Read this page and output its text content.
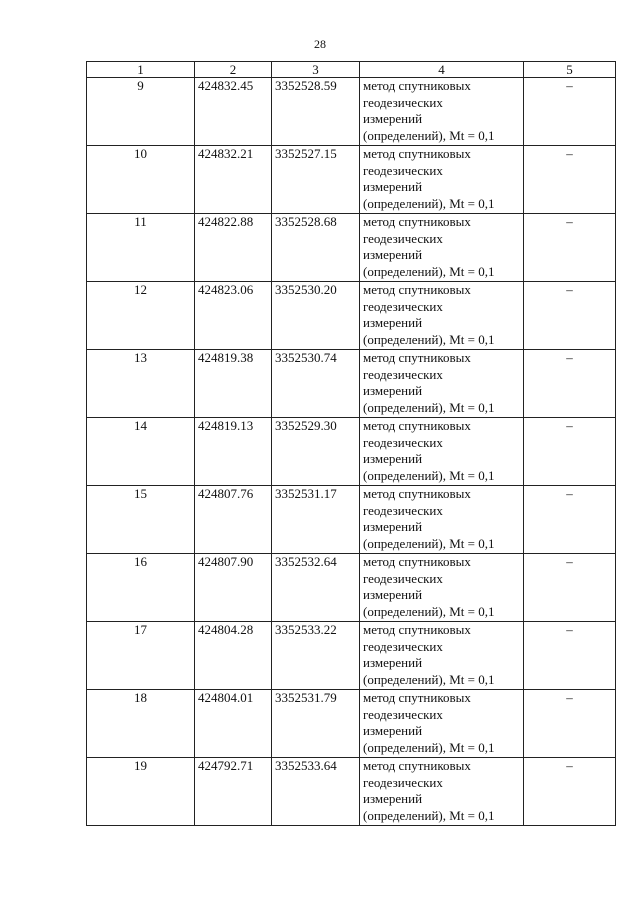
28
1	2	3	4	5
9	424832.45	3352528.59	метод спутниковых
геодезических
измерений
(определений), Mt = 0,1	–
10	424832.21	3352527.15	метод спутниковых
геодезических
измерений
(определений), Mt = 0,1	–
11	424822.88	3352528.68	метод спутниковых
геодезических
измерений
(определений), Mt = 0,1	–
12	424823.06	3352530.20	метод спутниковых
геодезических
измерений
(определений), Mt = 0,1	–
13	424819.38	3352530.74	метод спутниковых
геодезических
измерений
(определений), Mt = 0,1	–
14	424819.13	3352529.30	метод спутниковых
геодезических
измерений
(определений), Mt = 0,1	–
15	424807.76	3352531.17	метод спутниковых
геодезических
измерений
(определений), Mt = 0,1	–
16	424807.90	3352532.64	метод спутниковых
геодезических
измерений
(определений), Mt = 0,1	–
17	424804.28	3352533.22	метод спутниковых
геодезических
измерений
(определений), Mt = 0,1	–
18	424804.01	3352531.79	метод спутниковых
геодезических
измерений
(определений), Mt = 0,1	–
19	424792.71	3352533.64	метод спутниковых
геодезических
измерений
(определений), Mt = 0,1	–
